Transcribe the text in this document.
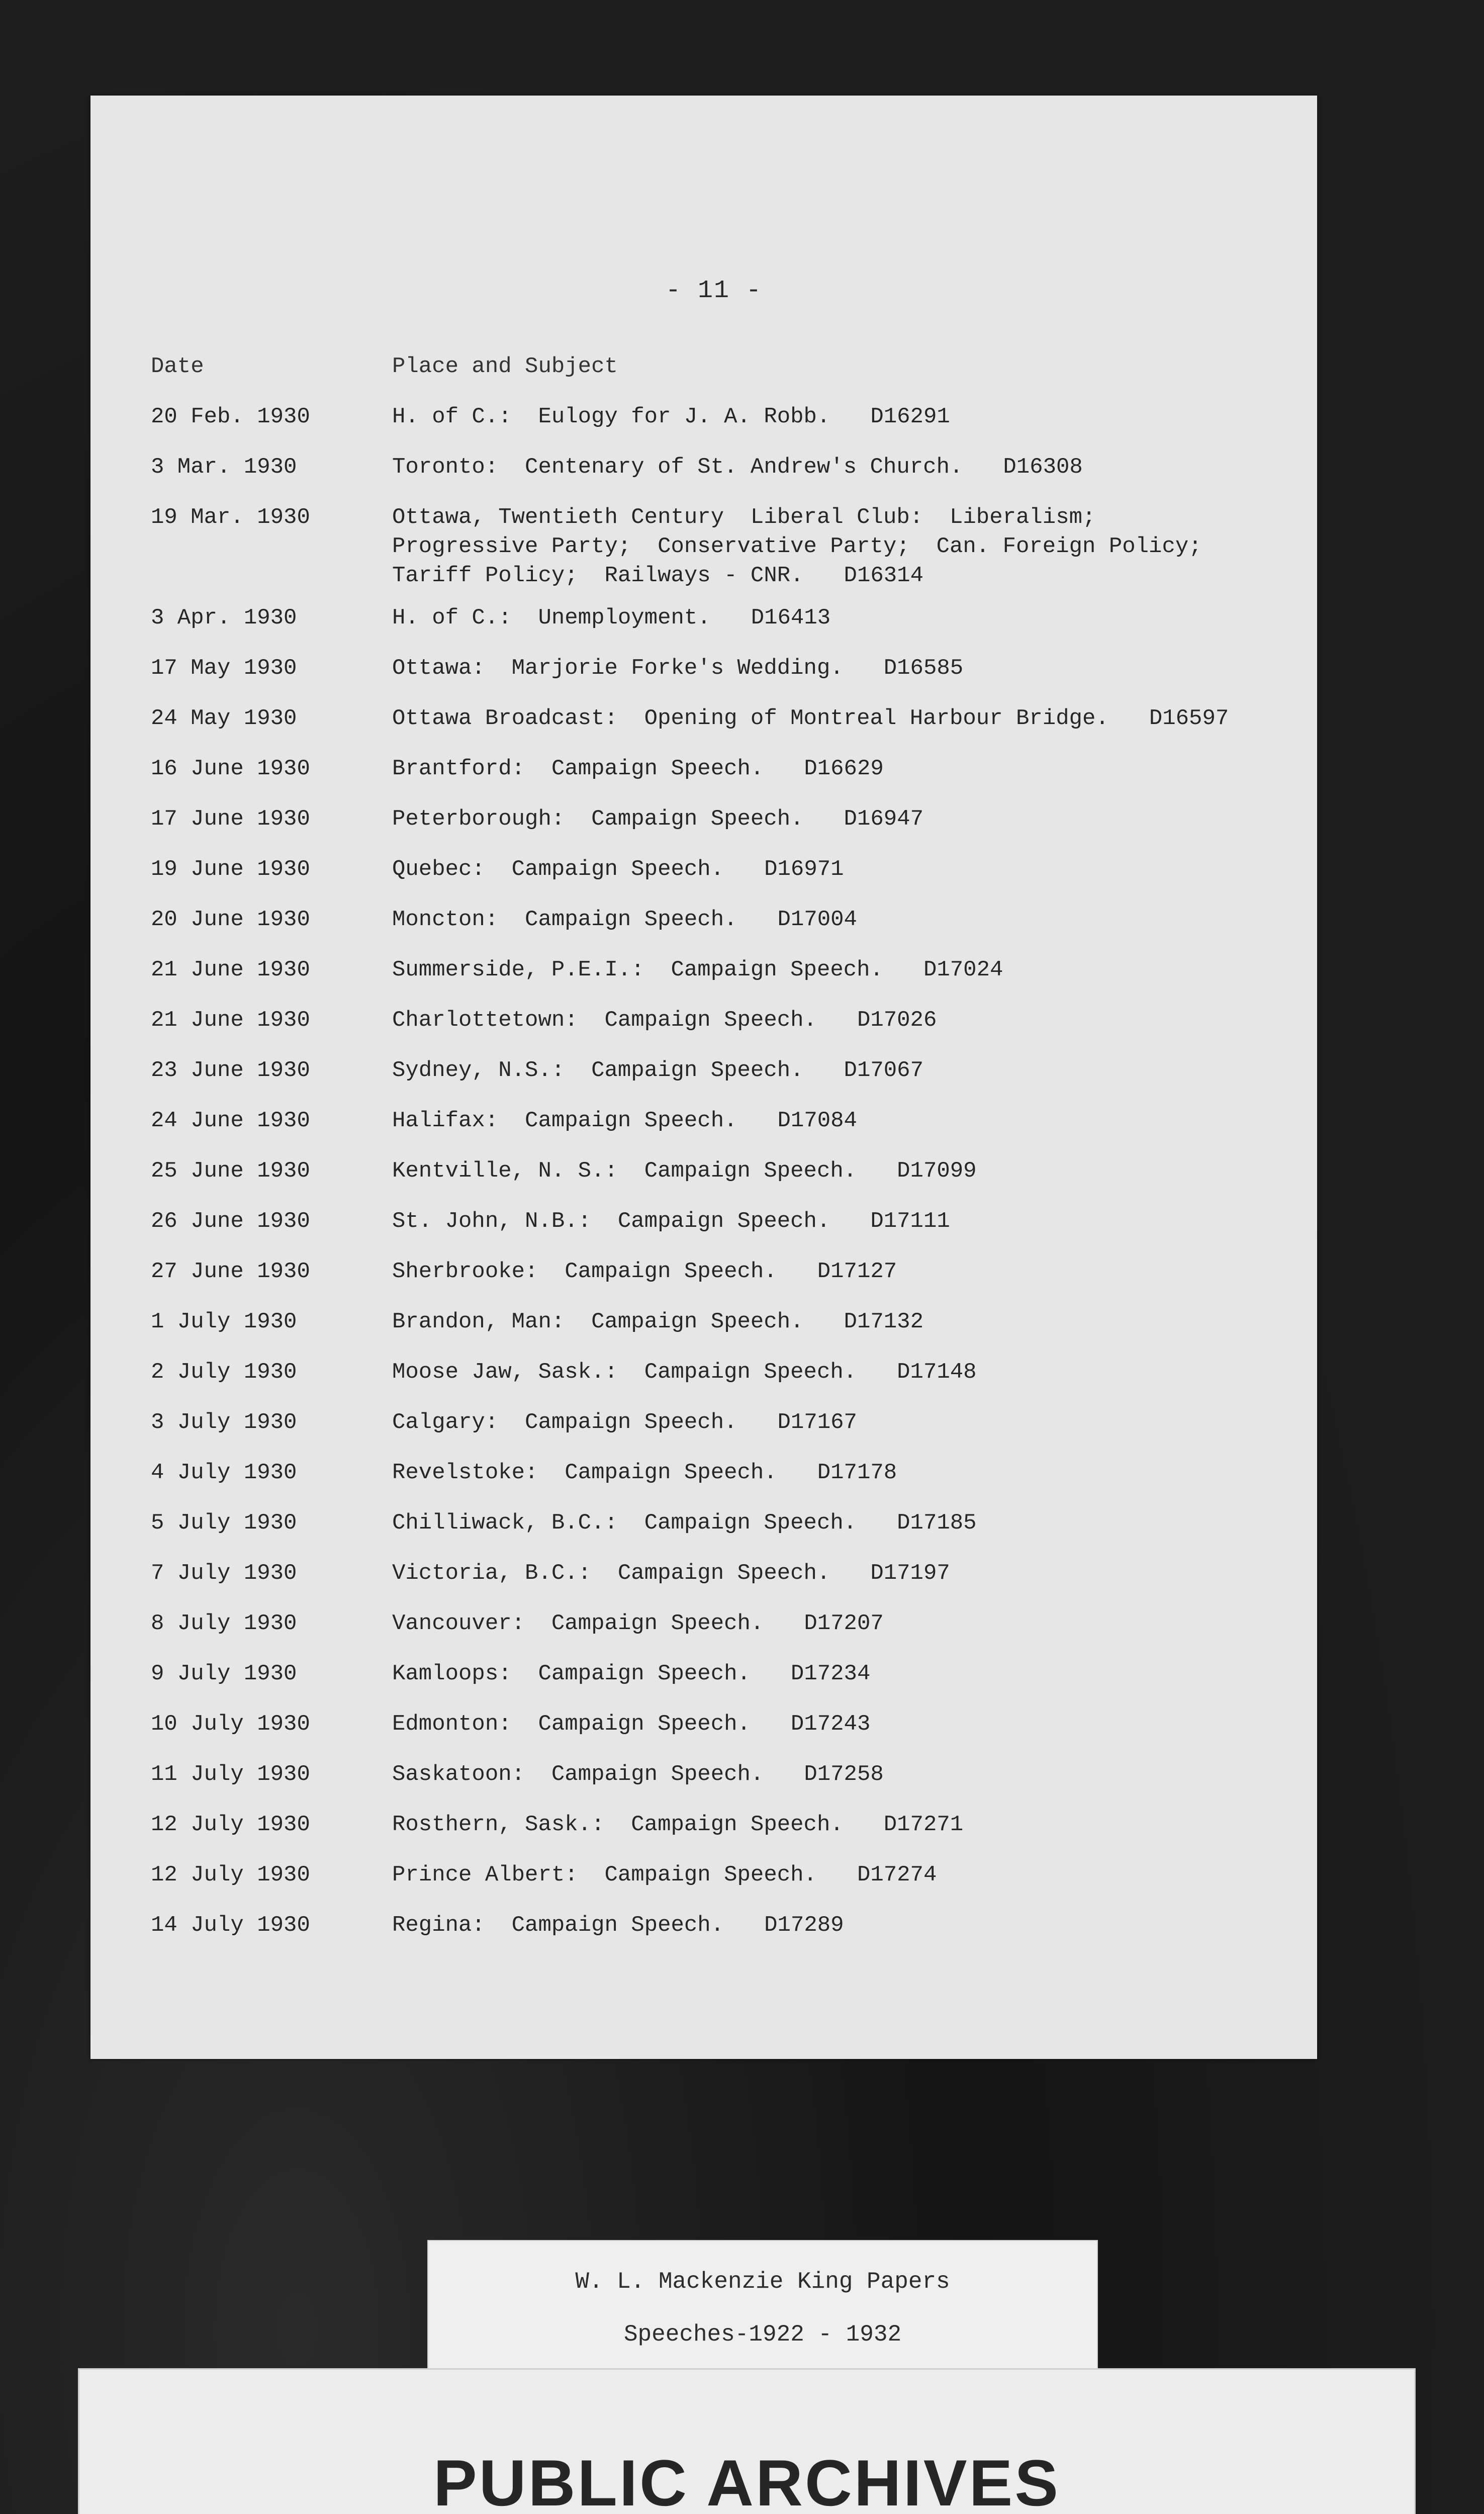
- 11 -
Date	Place and Subject
20 Feb. 1930	H. of C.:  Eulogy for J. A. Robb. D16291
3 Mar. 1930	Toronto:  Centenary of St. Andrew's Church. D16308
19 Mar. 1930	Ottawa, Twentieth Century  Liberal Club:  Liberalism;
Progressive Party;  Conservative Party;  Can. Foreign Policy;
Tariff Policy;  Railways - CNR. D16314
3 Apr. 1930	H. of C.:  Unemployment. D16413
17 May 1930	Ottawa:  Marjorie Forke's Wedding. D16585
24 May 1930	Ottawa Broadcast:  Opening of Montreal Harbour Bridge. D16597
16 June 1930	Brantford:  Campaign Speech. D16629
17 June 1930	Peterborough:  Campaign Speech. D16947
19 June 1930	Quebec:  Campaign Speech. D16971
20 June 1930	Moncton:  Campaign Speech. D17004
21 June 1930	Summerside, P.E.I.:  Campaign Speech. D17024
21 June 1930	Charlottetown:  Campaign Speech. D17026
23 June 1930	Sydney, N.S.:  Campaign Speech. D17067
24 June 1930	Halifax:  Campaign Speech. D17084
25 June 1930	Kentville, N. S.:  Campaign Speech. D17099
26 June 1930	St. John, N.B.:  Campaign Speech. D17111
27 June 1930	Sherbrooke:  Campaign Speech. D17127
1 July 1930	Brandon, Man:  Campaign Speech. D17132
2 July 1930	Moose Jaw, Sask.:  Campaign Speech. D17148
3 July 1930	Calgary:  Campaign Speech. D17167
4 July 1930	Revelstoke:  Campaign Speech. D17178
5 July 1930	Chilliwack, B.C.:  Campaign Speech. D17185
7 July 1930	Victoria, B.C.:  Campaign Speech. D17197
8 July 1930	Vancouver:  Campaign Speech. D17207
9 July 1930	Kamloops:  Campaign Speech. D17234
10 July 1930	Edmonton:  Campaign Speech. D17243
11 July 1930	Saskatoon:  Campaign Speech. D17258
12 July 1930	Rosthern, Sask.:  Campaign Speech. D17271
12 July 1930	Prince Albert:  Campaign Speech. D17274
14 July 1930	Regina:  Campaign Speech. D17289
W. L. Mackenzie King Papers
Speeches-1922 - 1932
PUBLIC ARCHIVES
